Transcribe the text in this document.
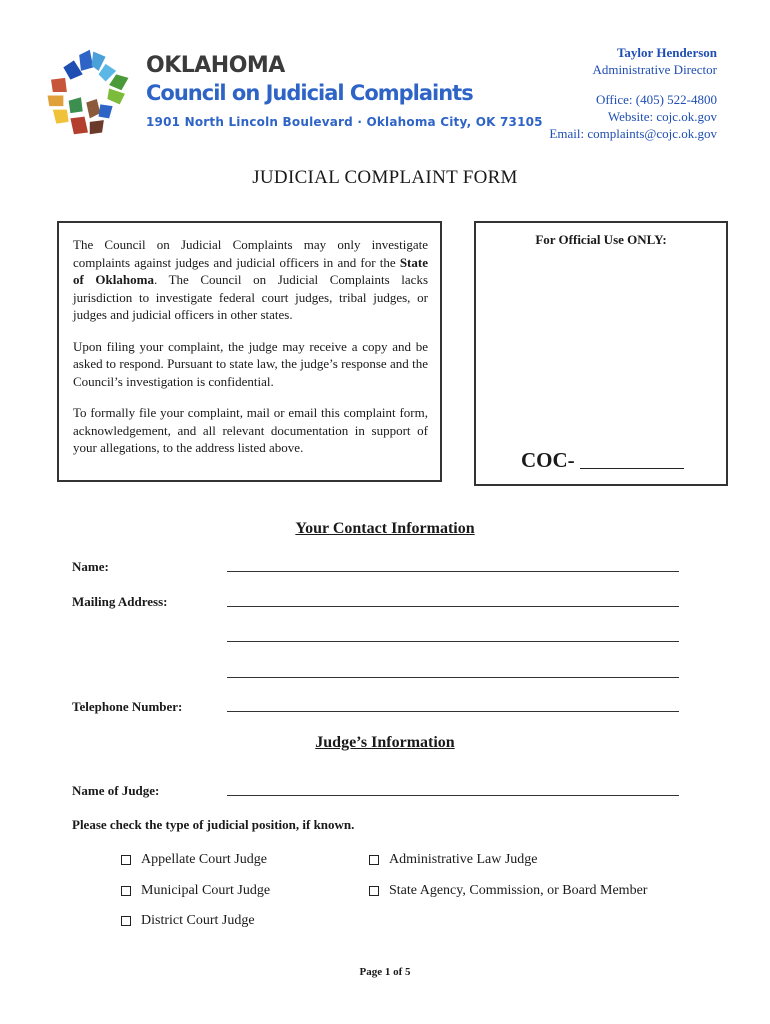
OKLAHOMA
Council on Judicial Complaints
1901 North Lincoln Boulevard · Oklahoma City, OK 73105
Taylor Henderson
Administrative Director
Office: (405) 522-4800
Website: cojc.ok.gov
Email: complaints@cojc.ok.gov
JUDICIAL COMPLAINT FORM

The Council on Judicial Complaints may only investigate complaints against judges and judicial officers in and for the State of Oklahoma. The Council on Judicial Complaints lacks jurisdiction to investigate federal court judges, tribal judges, or judges and judicial officers in other states.

Upon filing your complaint, the judge may receive a copy and be asked to respond. Pursuant to state law, the judge’s response and the Council’s investigation is confidential.

To formally file your complaint, mail or email this complaint form, acknowledgement, and all relevant documentation in support of your allegations, to the address listed above.

For Official Use ONLY:
COC-
Your Contact Information
Name:
Mailing Address:
Telephone Number:
Judge’s Information
Name of Judge:
Please check the type of judicial position, if known.
Appellate Court Judge	Administrative Law Judge
Municipal Court Judge	State Agency, Commission, or Board Member
District Court Judge
Page 1 of 5
